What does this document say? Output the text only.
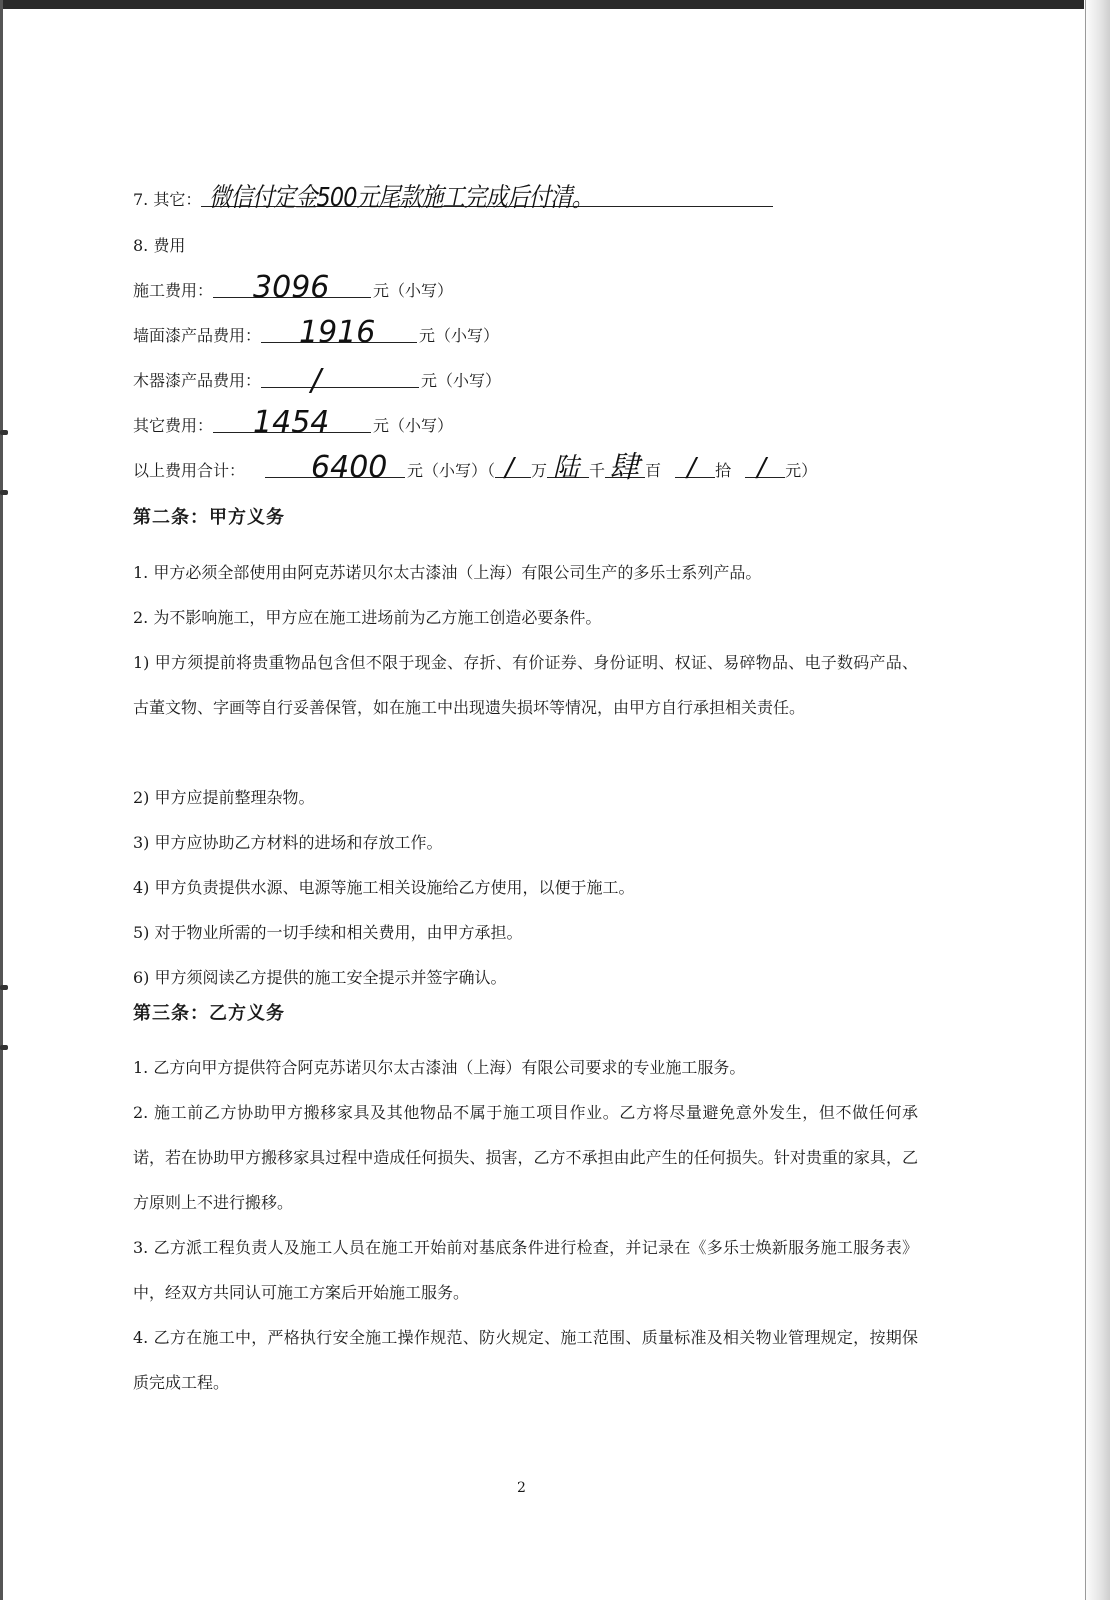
7. 其它： 微信付定金500元尾款施工完成后付清。
8. 费用
施工费用： 3096	元（小写）
墙面漆产品费用： 1916	元（小写）
木器漆产品费用： /	元（小写）
其它费用： 1454	元（小写）
以上费用合计： 6400 元（小写）（ / 万 陆 千 肆 百 / 拾 / 元）
第二条：甲方义务
1. 甲方必须全部使用由阿克苏诺贝尔太古漆油（上海）有限公司生产的多乐士系列产品。
2. 为不影响施工，甲方应在施工进场前为乙方施工创造必要条件。
1) 甲方须提前将贵重物品包含但不限于现金、存折、有价证券、身份证明、权证、易碎物品、电子数码产品、古董文物、字画等自行妥善保管，如在施工中出现遗失损坏等情况，由甲方自行承担相关责任。
2) 甲方应提前整理杂物。
3) 甲方应协助乙方材料的进场和存放工作。
4) 甲方负责提供水源、电源等施工相关设施给乙方使用，以便于施工。
5) 对于物业所需的一切手续和相关费用，由甲方承担。
6) 甲方须阅读乙方提供的施工安全提示并签字确认。
第三条：乙方义务
1. 乙方向甲方提供符合阿克苏诺贝尔太古漆油（上海）有限公司要求的专业施工服务。
2. 施工前乙方协助甲方搬移家具及其他物品不属于施工项目作业。乙方将尽量避免意外发生，但不做任何承诺，若在协助甲方搬移家具过程中造成任何损失、损害，乙方不承担由此产生的任何损失。针对贵重的家具，乙方原则上不进行搬移。
3. 乙方派工程负责人及施工人员在施工开始前对基底条件进行检查，并记录在《多乐士焕新服务施工服务表》中，经双方共同认可施工方案后开始施工服务。
4. 乙方在施工中，严格执行安全施工操作规范、防火规定、施工范围、质量标准及相关物业管理规定，按期保质完成工程。
2
